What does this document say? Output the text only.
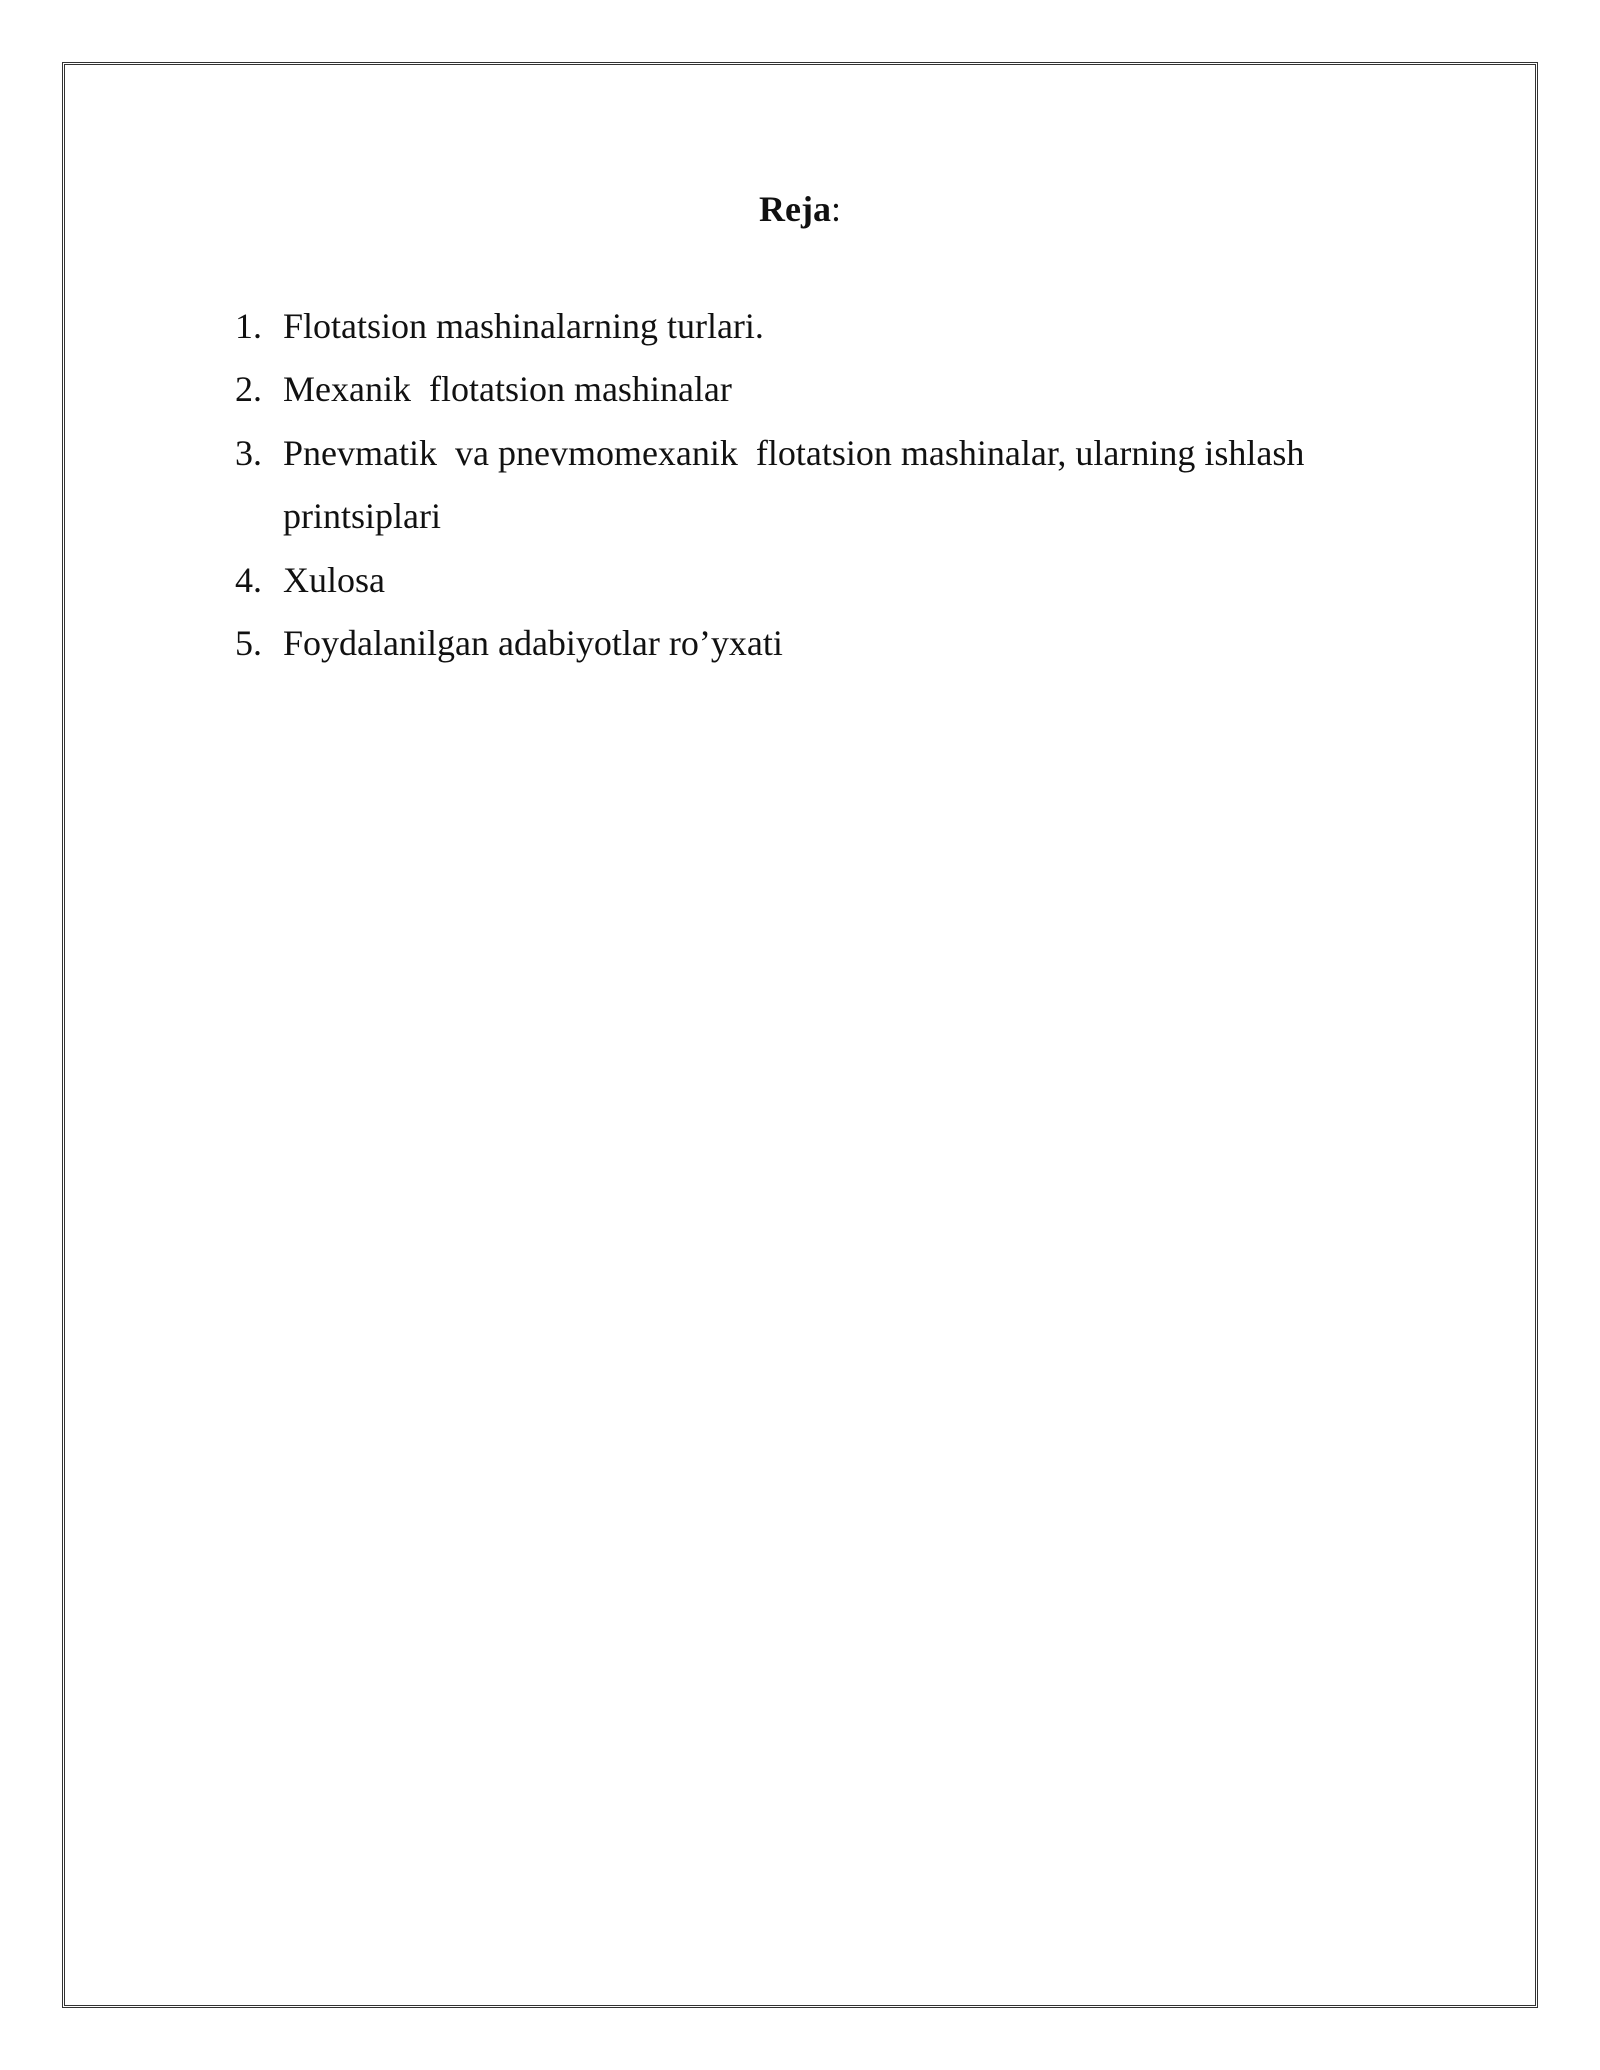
Reja:
1. Flotatsion mashinalarning turlari.
2. Mexanik  flotatsion mashinalar
3. Pnevmatik  va pnevmomexanik  flotatsion mashinalar, ularning ishlash printsiplari
4. Xulosa
5. Foydalanilgan adabiyotlar ro’yxati
